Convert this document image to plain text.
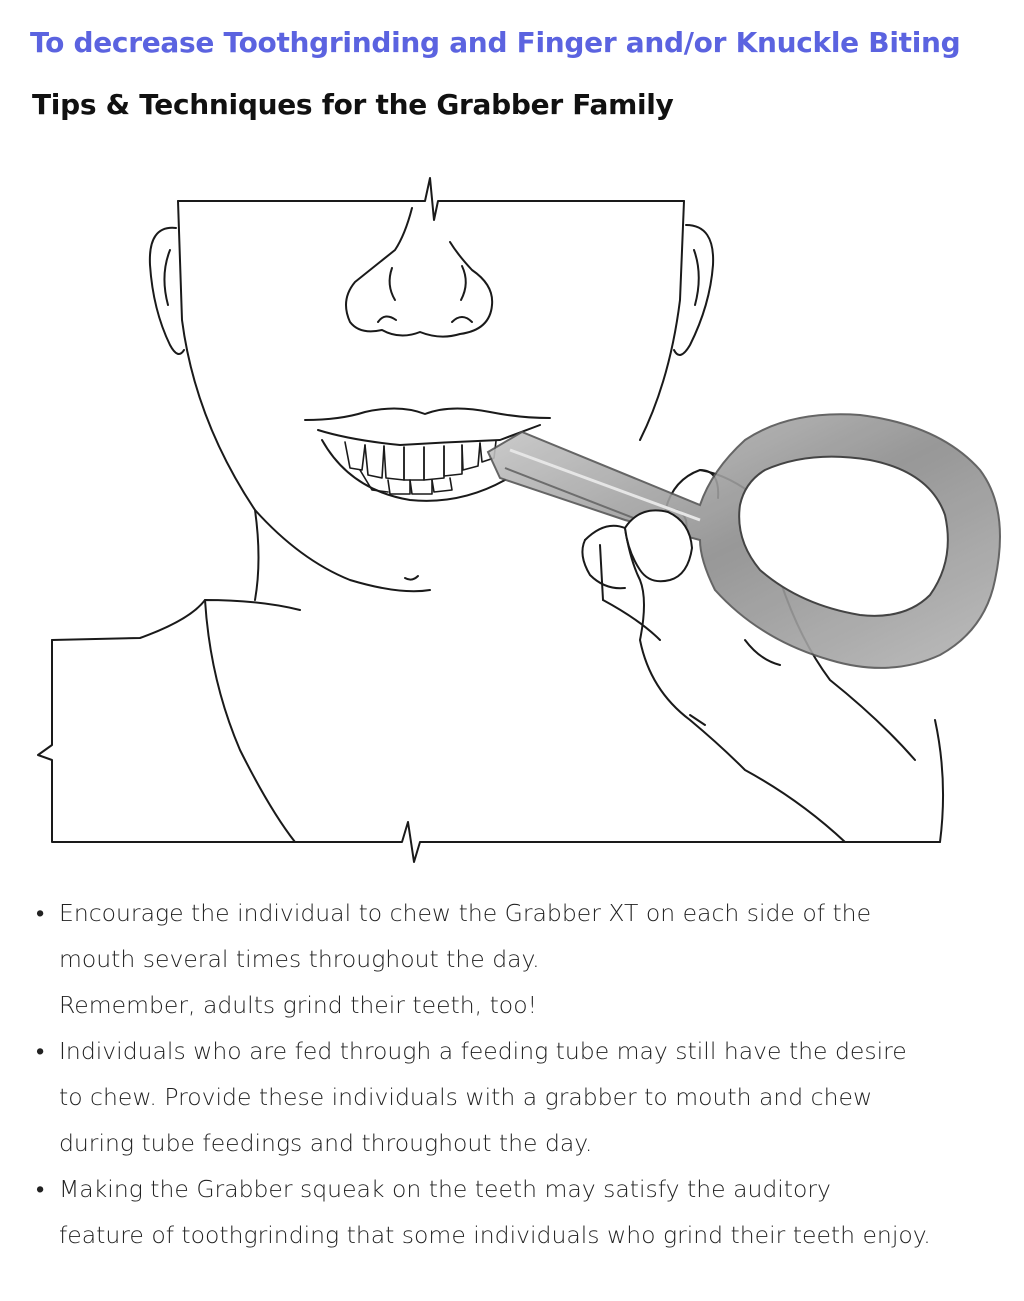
To decrease Toothgrinding and Finger and/or Knuckle Biting
Tips & Techniques for the Grabber Family
• Encourage the individual to chew the Grabber XT on each side of the
mouth several times throughout the day.
Remember, adults grind their teeth, too!
• Individuals who are fed through a feeding tube may still have the desire
to chew. Provide these individuals with a grabber to mouth and chew
during tube feedings and throughout the day.
• Making the Grabber squeak on the teeth may satisfy the auditory
feature of toothgrinding that some individuals who grind their teeth enjoy.
